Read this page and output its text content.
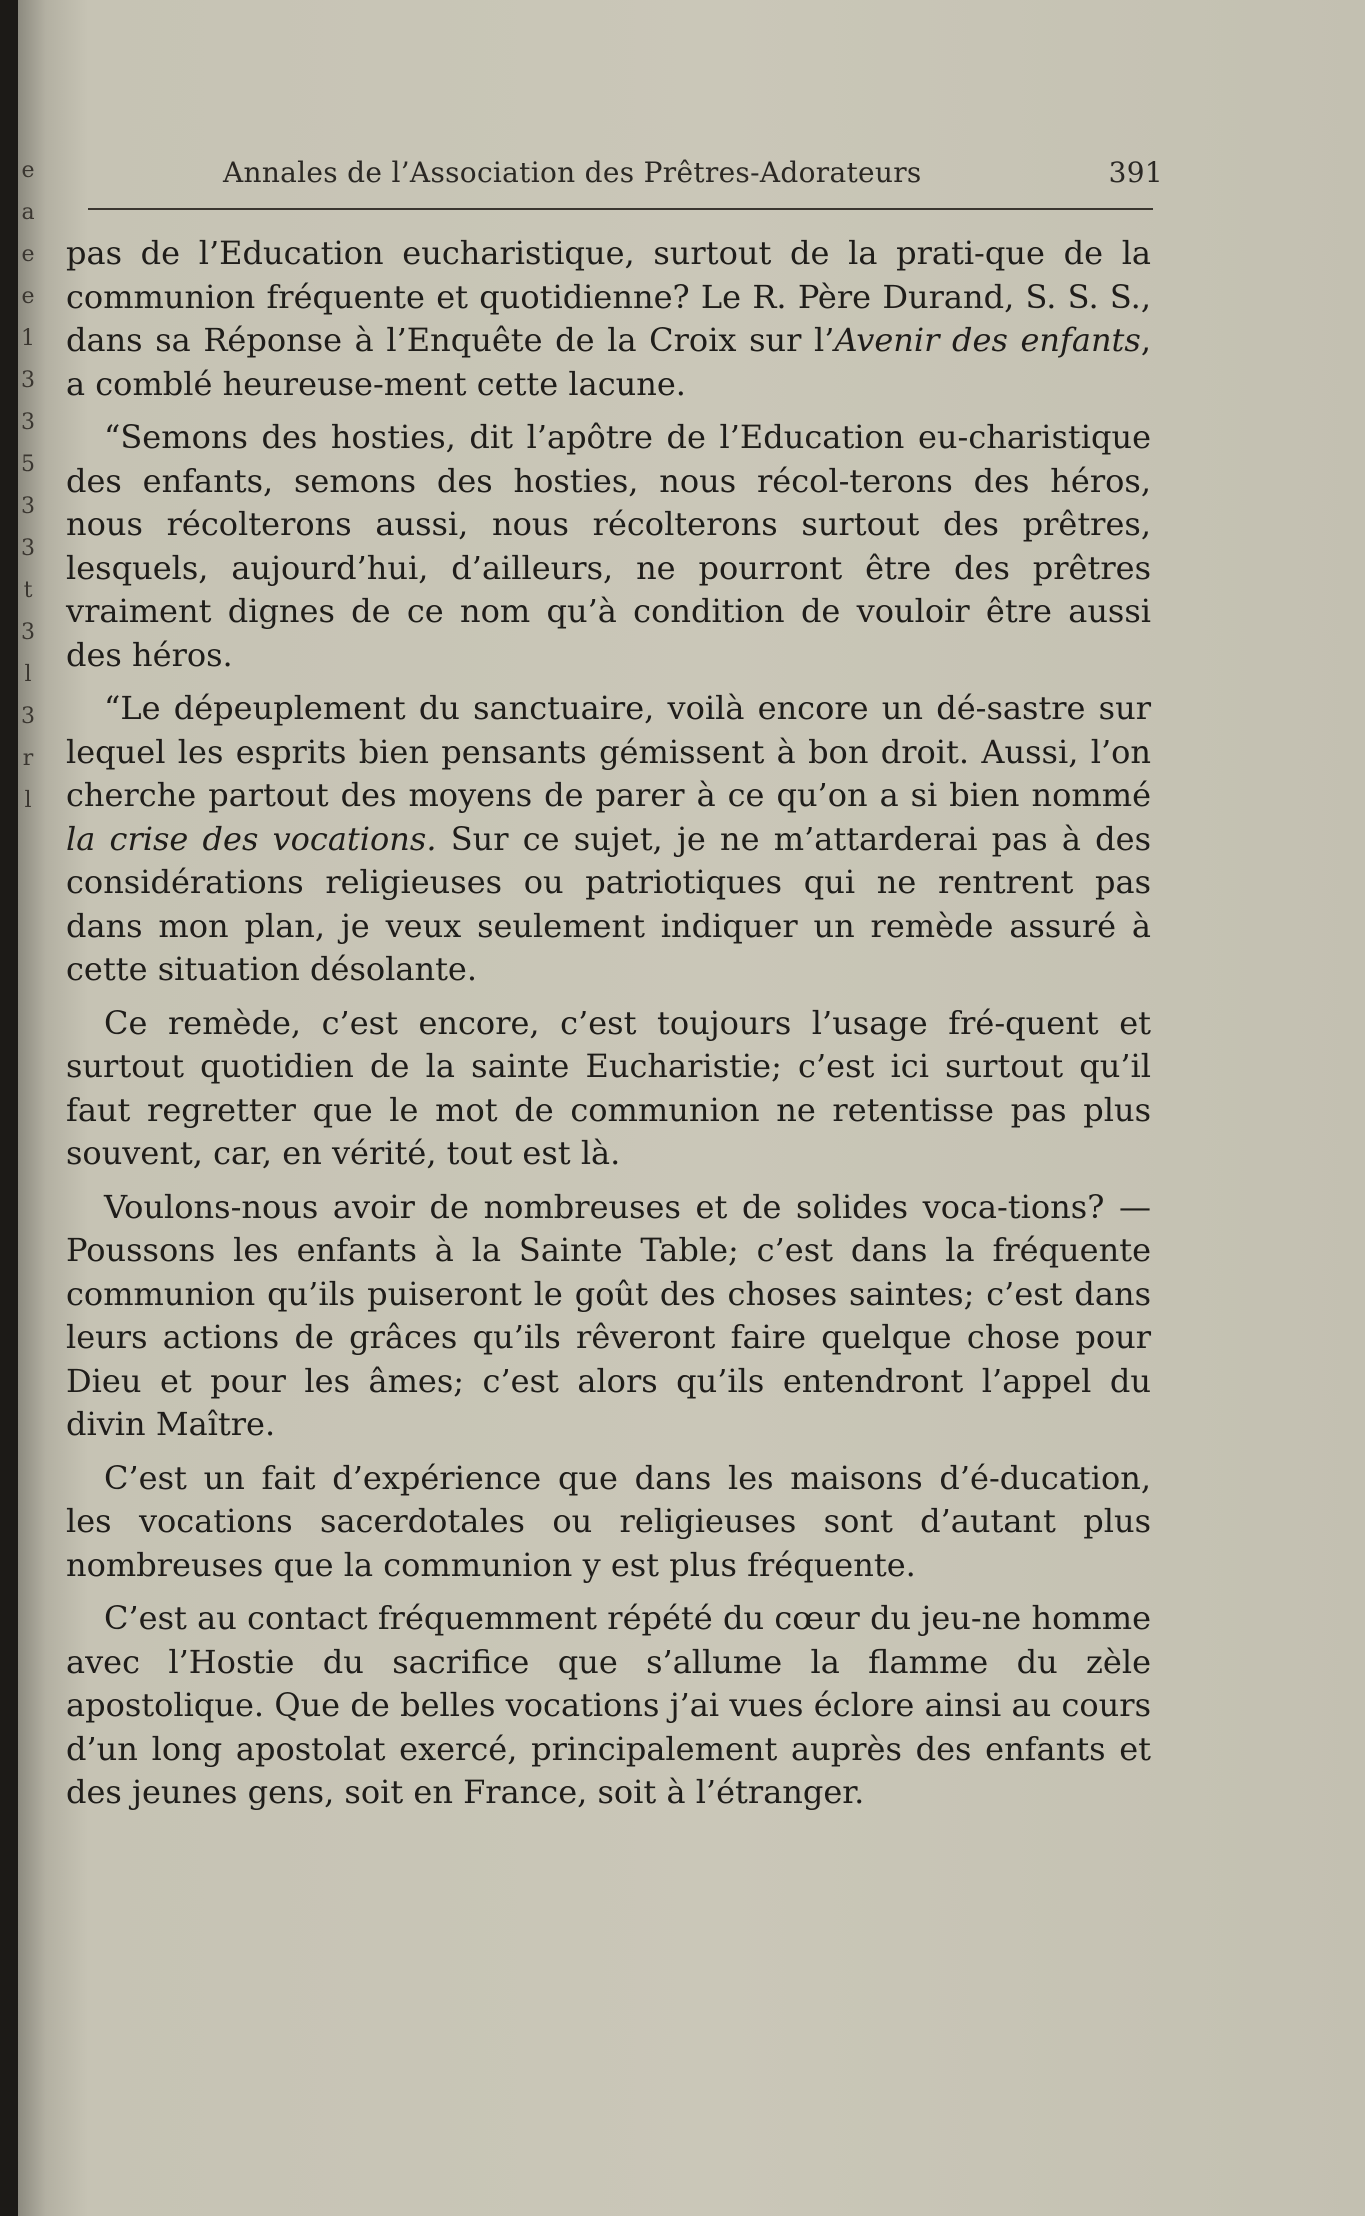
e
a
e
e
1
3
3
5
3
3
t
3
l
3
r
l
Annales de l’Association des Prêtres-Adorateurs	391

pas de l’Education eucharistique, surtout de la prati-que de la communion fréquente et quotidienne? Le R. Père Durand, S. S. S., dans sa Réponse à l’Enquête de la Croix sur l’Avenir des enfants, a comblé heureuse-ment cette lacune.

“Semons des hosties, dit l’apôtre de l’Education eu-charistique des enfants, semons des hosties, nous récol-terons des héros, nous récolterons aussi, nous récolterons surtout des prêtres, lesquels, aujourd’hui, d’ailleurs, ne pourront être des prêtres vraiment dignes de ce nom qu’à condition de vouloir être aussi des héros.

“Le dépeuplement du sanctuaire, voilà encore un dé-sastre sur lequel les esprits bien pensants gémissent à bon droit. Aussi, l’on cherche partout des moyens de parer à ce qu’on a si bien nommé la crise des vocations. Sur ce sujet, je ne m’attarderai pas à des considérations religieuses ou patriotiques qui ne rentrent pas dans mon plan, je veux seulement indiquer un remède assuré à cette situation désolante.

Ce remède, c’est encore, c’est toujours l’usage fré-quent et surtout quotidien de la sainte Eucharistie; c’est ici surtout qu’il faut regretter que le mot de communion ne retentisse pas plus souvent, car, en vérité, tout est là.

Voulons-nous avoir de nombreuses et de solides voca-tions? — Poussons les enfants à la Sainte Table; c’est dans la fréquente communion qu’ils puiseront le goût des choses saintes; c’est dans leurs actions de grâces qu’ils rêveront faire quelque chose pour Dieu et pour les âmes; c’est alors qu’ils entendront l’appel du divin Maître.

C’est un fait d’expérience que dans les maisons d’é-ducation, les vocations sacerdotales ou religieuses sont d’autant plus nombreuses que la communion y est plus fréquente.

C’est au contact fréquemment répété du cœur du jeu-ne homme avec l’Hostie du sacrifice que s’allume la flamme du zèle apostolique. Que de belles vocations j’ai vues éclore ainsi au cours d’un long apostolat exercé, principalement auprès des enfants et des jeunes gens, soit en France, soit à l’étranger.
